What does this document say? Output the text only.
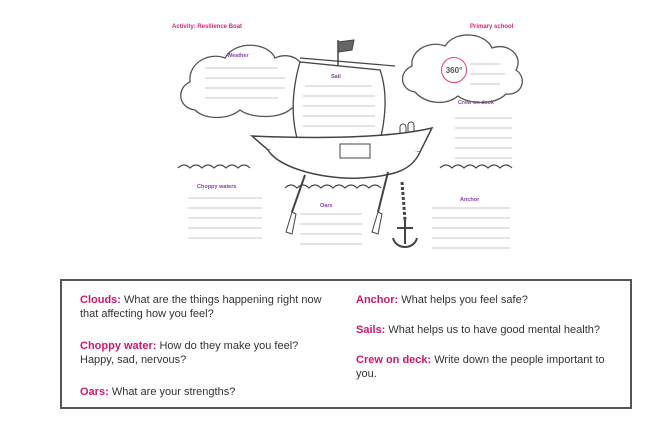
Activity: Resilience Boat	Primary school
360°
Weather
Sail
Crew on deck
Choppy waters
Oars
Anchor
Clouds: What are the things happening right now that affecting how you feel?
Choppy water: How do they make you feel? Happy, sad, nervous?
Oars: What are your strengths?
Anchor: What helps you feel safe?
Sails: What helps us to have good mental health?
Crew on deck: Write down the people important to you.
